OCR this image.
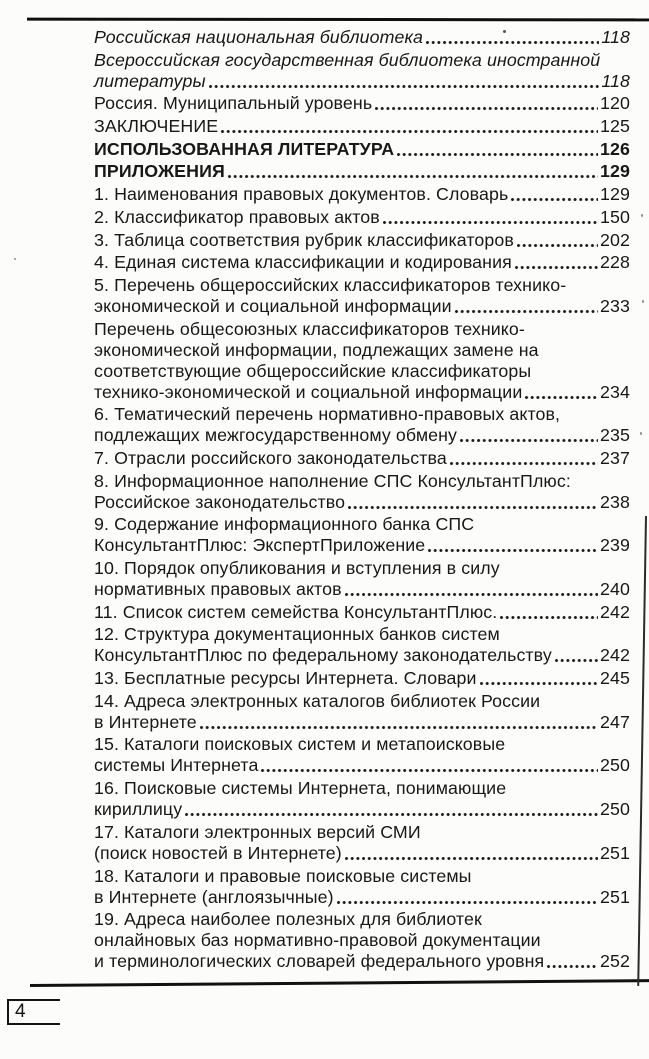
Российская национальная библиотека	118
Всероссийская государственная библиотека иностранной
литературы	118
Россия. Муниципальный уровень	120
ЗАКЛЮЧЕНИЕ	125
ИСПОЛЬЗОВАННАЯ ЛИТЕРАТУРА	126
ПРИЛОЖЕНИЯ	129
1. Наименования правовых документов. Словарь	129
2. Классификатор правовых актов	150
3. Таблица соответствия рубрик классификаторов	202
4. Единая система классификации и кодирования	228
5. Перечень общероссийских классификаторов технико-
экономической и социальной информации	233
Перечень общесоюзных классификаторов технико-
экономической информации, подлежащих замене на
соответствующие общероссийские классификаторы
технико-экономической и социальной информации	234
6. Тематический перечень нормативно-правовых актов,
подлежащих межгосударственному обмену	235
7. Отрасли российского законодательства	237
8. Информационное наполнение СПС КонсультантПлюс:
Российское законодательство	238
9. Содержание информационного банка СПС
КонсультантПлюс: ЭкспертПриложение	239
10. Порядок опубликования и вступления в силу
нормативных правовых актов	240
11. Список систем семейства КонсультантПлюс.	242
12. Структура документационных банков систем
КонсультантПлюс по федеральному законодательству	242
13. Бесплатные ресурсы Интернета. Словари	245
14. Адреса электронных каталогов библиотек России
в Интернете	247
15. Каталоги поисковых систем и метапоисковые
системы Интернета	250
16. Поисковые системы Интернета, понимающие
кириллицу	250
17. Каталоги электронных версий СМИ
(поиск новостей в Интернете)	251
18. Каталоги и правовые поисковые системы
в Интернете (англоязычные)	251
19. Адреса наиболее полезных для библиотек
онлайновых баз нормативно-правовой документации
и терминологических словарей федерального уровня	252
4
